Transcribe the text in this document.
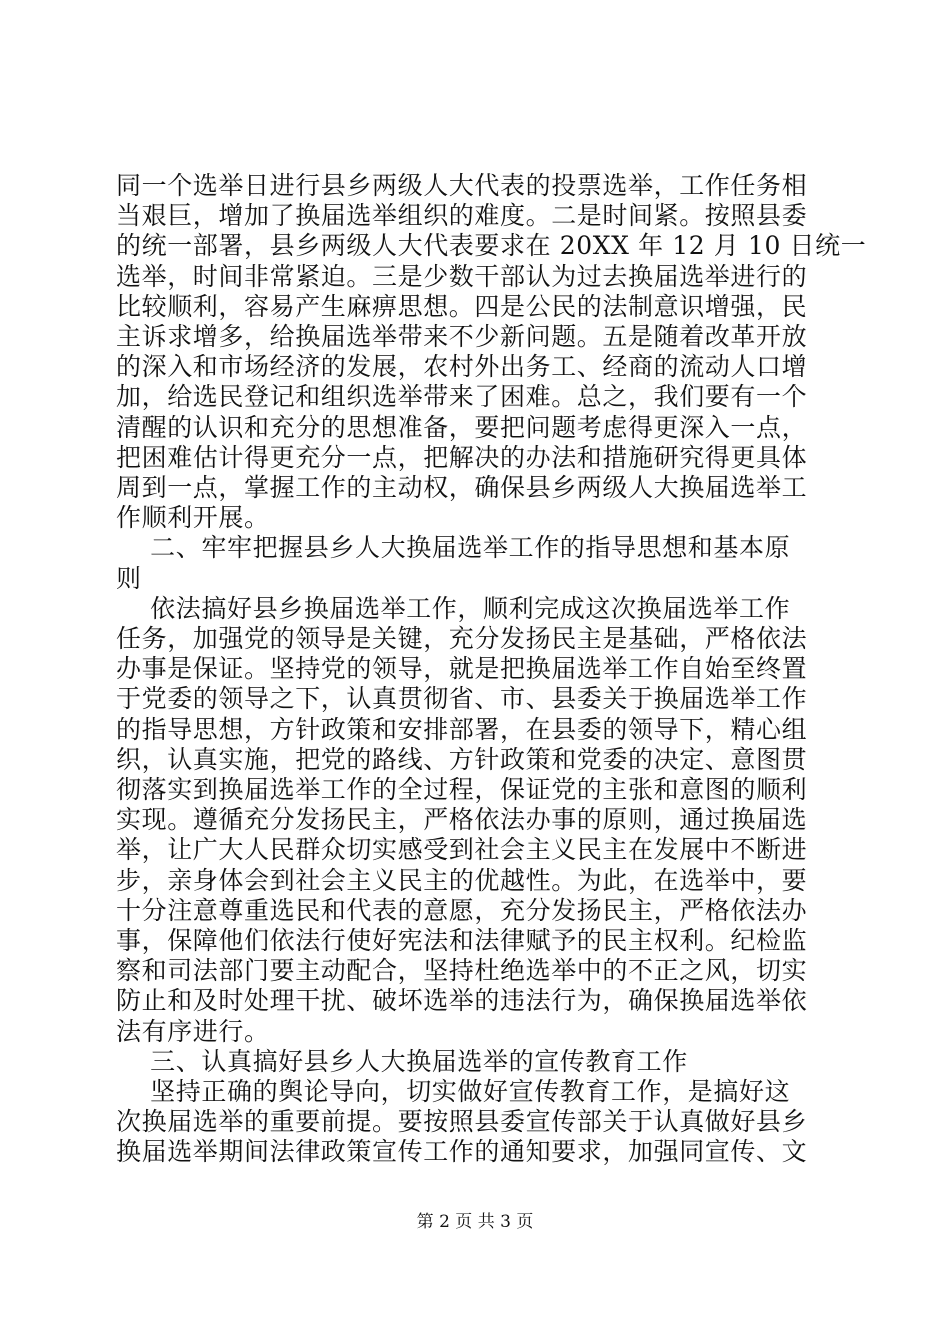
同一个选举日进行县乡两级人大代表的投票选举，工作任务相
当艰巨，增加了换届选举组织的难度。二是时间紧。按照县委
的统一部署，县乡两级人大代表要求在 20XX 年 12 月 10 日统一
选举，时间非常紧迫。三是少数干部认为过去换届选举进行的
比较顺利，容易产生麻痹思想。四是公民的法制意识增强，民
主诉求增多，给换届选举带来不少新问题。五是随着改革开放
的深入和市场经济的发展，农村外出务工、经商的流动人口增
加，给选民登记和组织选举带来了困难。总之，我们要有一个
清醒的认识和充分的思想准备，要把问题考虑得更深入一点，
把困难估计得更充分一点，把解决的办法和措施研究得更具体
周到一点，掌握工作的主动权，确保县乡两级人大换届选举工
作顺利开展。
二、牢牢把握县乡人大换届选举工作的指导思想和基本原
则
依法搞好县乡换届选举工作，顺利完成这次换届选举工作
任务，加强党的领导是关键，充分发扬民主是基础，严格依法
办事是保证。坚持党的领导，就是把换届选举工作自始至终置
于党委的领导之下，认真贯彻省、市、县委关于换届选举工作
的指导思想，方针政策和安排部署，在县委的领导下，精心组
织，认真实施，把党的路线、方针政策和党委的决定、意图贯
彻落实到换届选举工作的全过程，保证党的主张和意图的顺利
实现。遵循充分发扬民主，严格依法办事的原则，通过换届选
举，让广大人民群众切实感受到社会主义民主在发展中不断进
步，亲身体会到社会主义民主的优越性。为此，在选举中，要
十分注意尊重选民和代表的意愿，充分发扬民主，严格依法办
事，保障他们依法行使好宪法和法律赋予的民主权利。纪检监
察和司法部门要主动配合，坚持杜绝选举中的不正之风，切实
防止和及时处理干扰、破坏选举的违法行为，确保换届选举依
法有序进行。
三、认真搞好县乡人大换届选举的宣传教育工作
坚持正确的舆论导向，切实做好宣传教育工作，是搞好这
次换届选举的重要前提。要按照县委宣传部关于认真做好县乡
换届选举期间法律政策宣传工作的通知要求，加强同宣传、文
第 2 页 共 3 页
